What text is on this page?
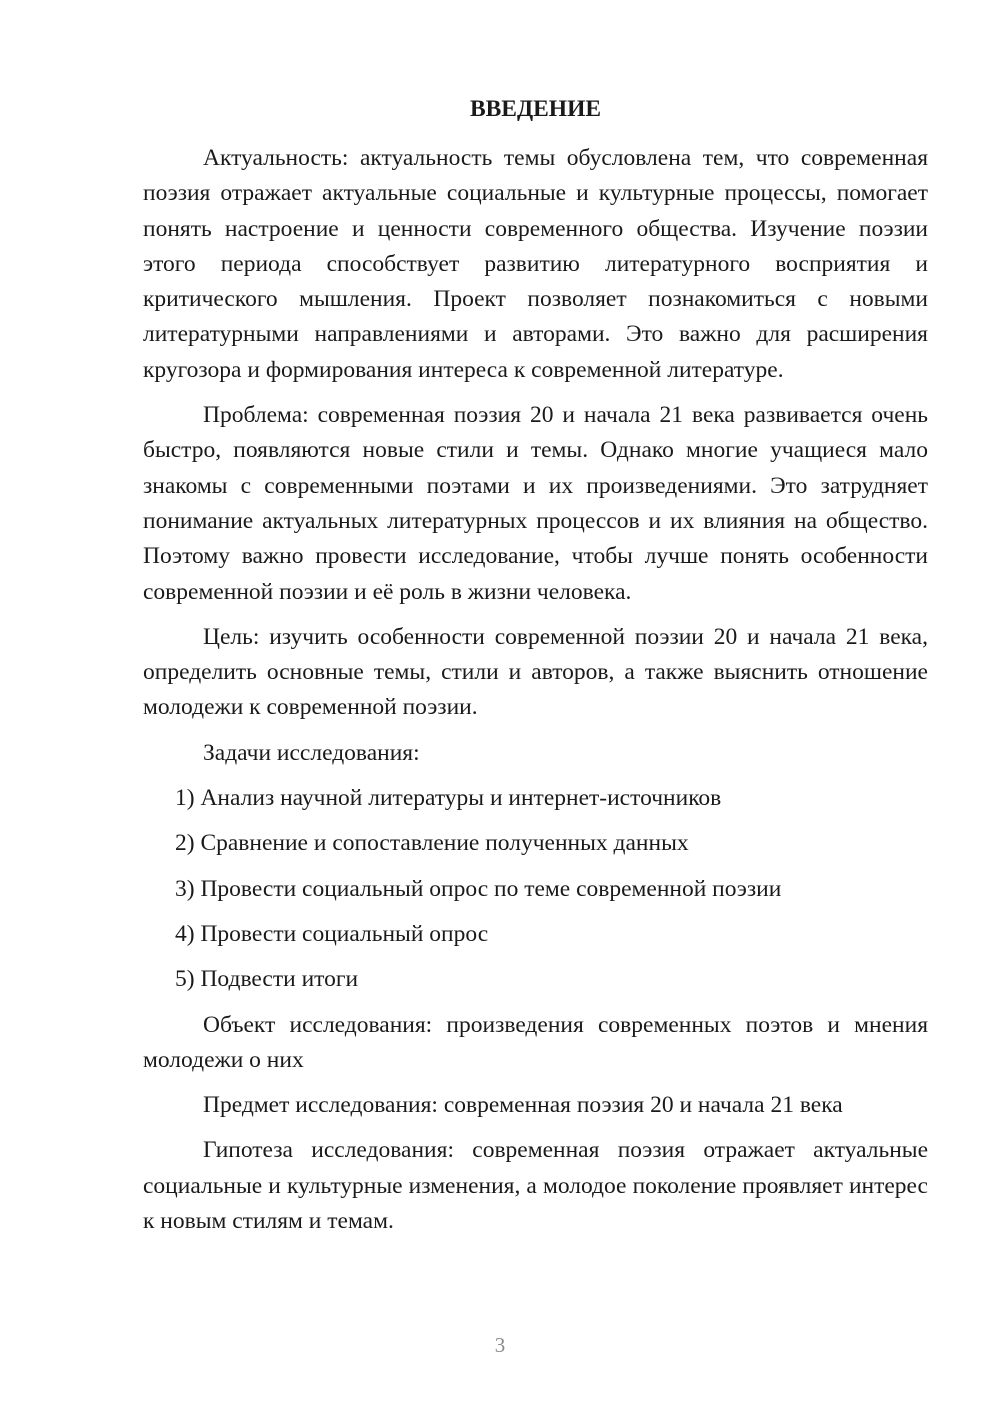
ВВЕДЕНИЕ

Актуальность: актуальность темы обусловлена тем, что современная поэзия отражает актуальные социальные и культурные процессы, помогает понять настроение и ценности современного общества. Изучение поэзии этого периода способствует развитию литературного восприятия и критического мышления. Проект позволяет познакомиться с новыми литературными направлениями и авторами. Это важно для расширения кругозора и формирования интереса к современной литературе.

Проблема: современная поэзия 20 и начала 21 века развивается очень быстро, появляются новые стили и темы. Однако многие учащиеся мало знакомы с современными поэтами и их произведениями. Это затрудняет понимание актуальных литературных процессов и их влияния на общество. Поэтому важно провести исследование, чтобы лучше понять особенности современной поэзии и её роль в жизни человека.

Цель: изучить особенности современной поэзии 20 и начала 21 века, определить основные темы, стили и авторов, а также выяснить отношение молодежи к современной поэзии.

Задачи исследования:

1) Анализ научной литературы и интернет-источников
2) Сравнение и сопоставление полученных данных
3) Провести социальный опрос по теме современной поэзии
4) Провести социальный опрос
5) Подвести итоги

Объект исследования: произведения современных поэтов и мнения молодежи о них

Предмет исследования: современная поэзия 20 и начала 21 века

Гипотеза исследования: современная поэзия отражает актуальные социальные и культурные изменения, а молодое поколение проявляет интерес к новым стилям и темам.

3
